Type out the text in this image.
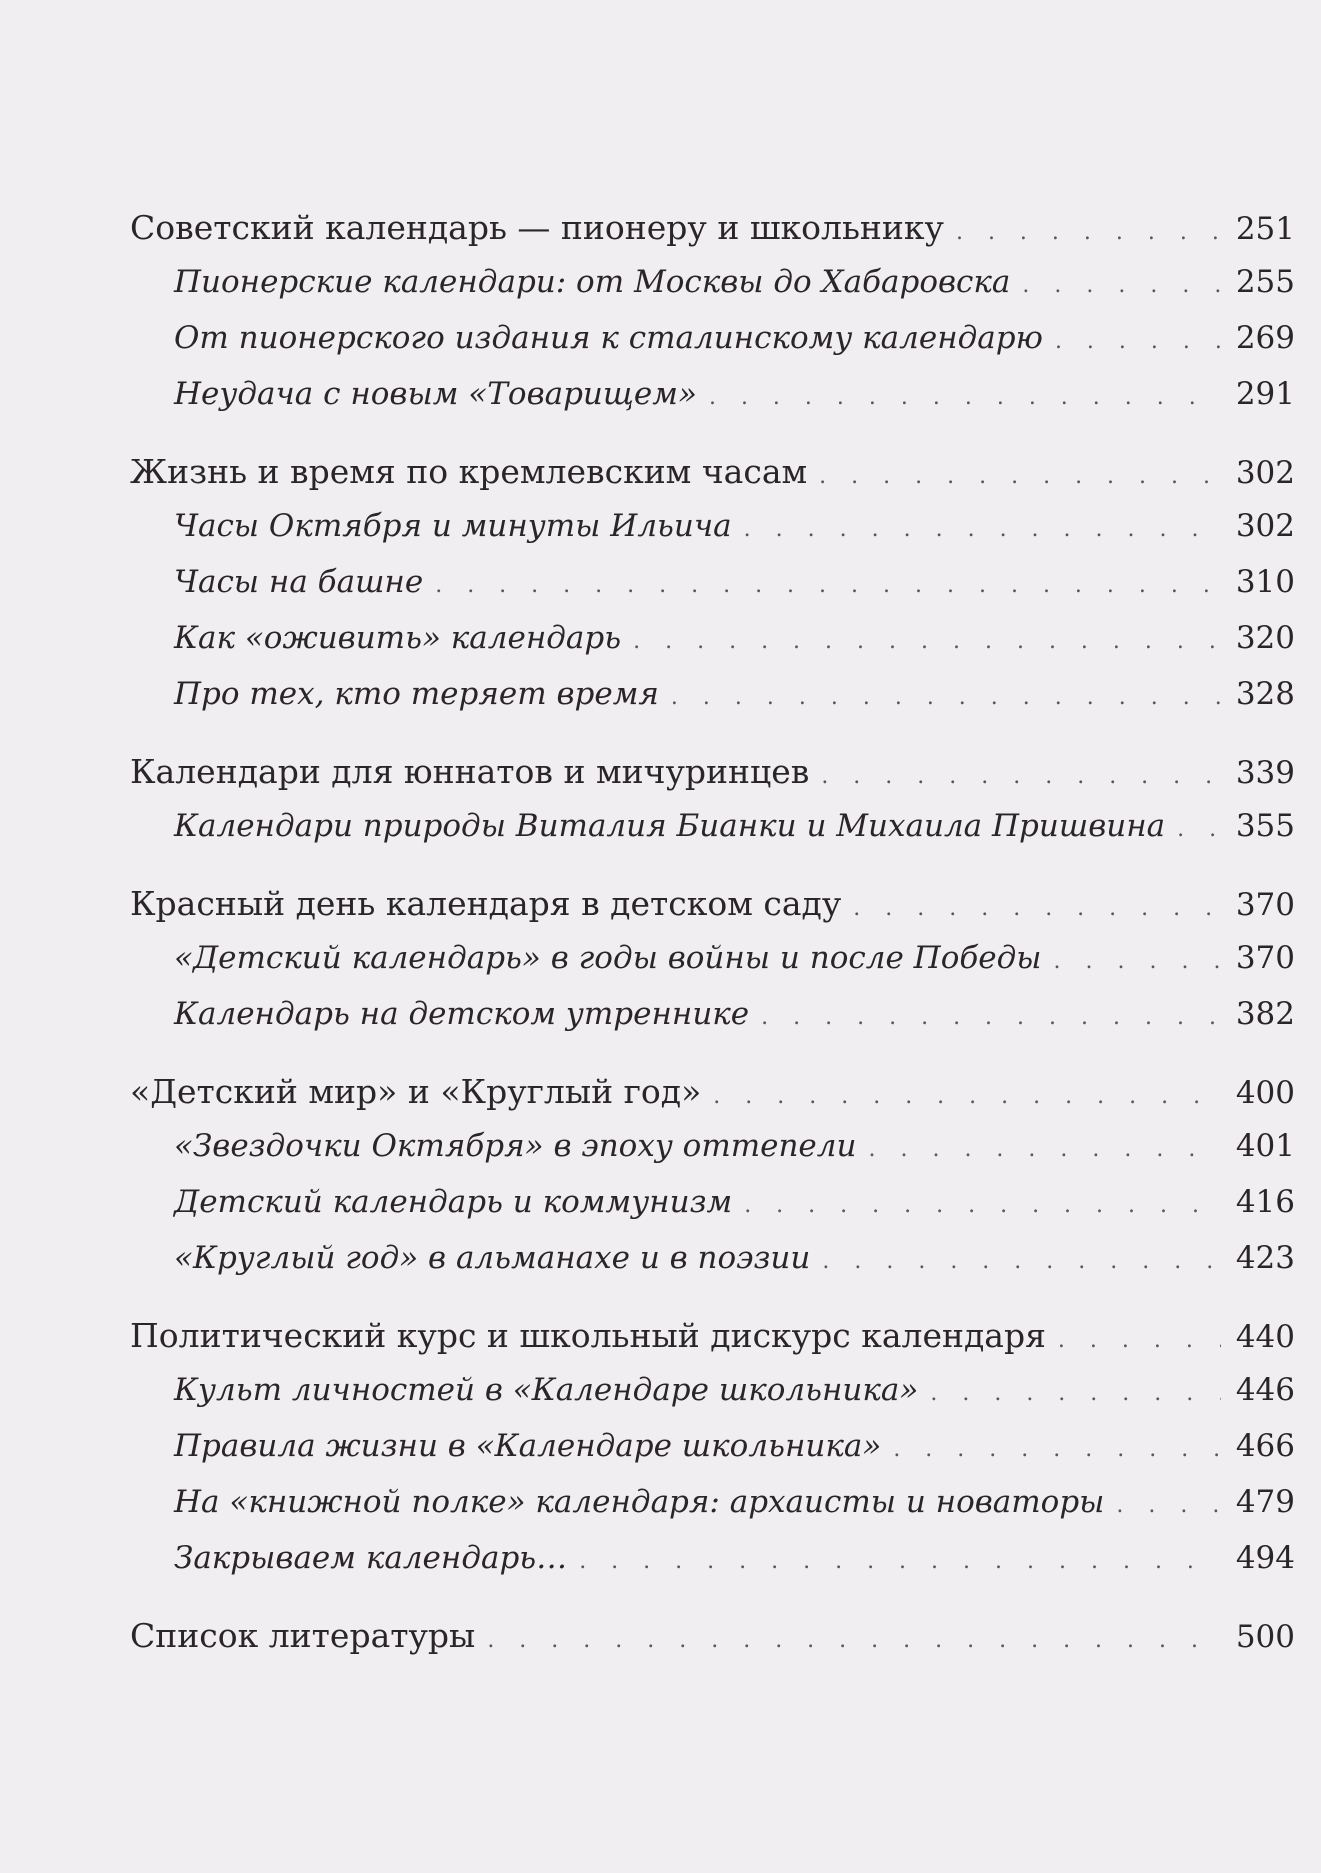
Советский календарь — пионеру и школьнику . . .	251
Пионерские календари: от Москвы до Хабаровска . . .	255
От пионерского издания к сталинскому календарю . . .	269
Неудача с новым «Товарищем» . . .	291
Жизнь и время по кремлевским часам . . .	302
Часы Октября и минуты Ильича . . .	302
Часы на башне . . .	310
Как «оживить» календарь . . .	320
Про тех, кто теряет время . . .	328
Календари для юннатов и мичуринцев . . .	339
Календари природы Виталия Бианки и Михаила Пришвина . . . 355
Красный день календаря в детском саду . . .	370
«Детский календарь» в годы войны и после Победы . . .	370
Календарь на детском утреннике . . .	382
«Детский мир» и «Круглый год» . . .	400
«Звездочки Октября» в эпоху оттепели . . .	401
Детский календарь и коммунизм . . .	416
«Круглый год» в альманахе и в поэзии . . .	423
Политический курс и школьный дискурс календаря . . .	440
Культ личностей в «Календаре школьника» . . .	446
Правила жизни в «Календаре школьника» . . .	466
На «книжной полке» календаря: архаисты и новаторы . . .	479
Закрываем календарь… . . .	494
Список литературы . . .	500
